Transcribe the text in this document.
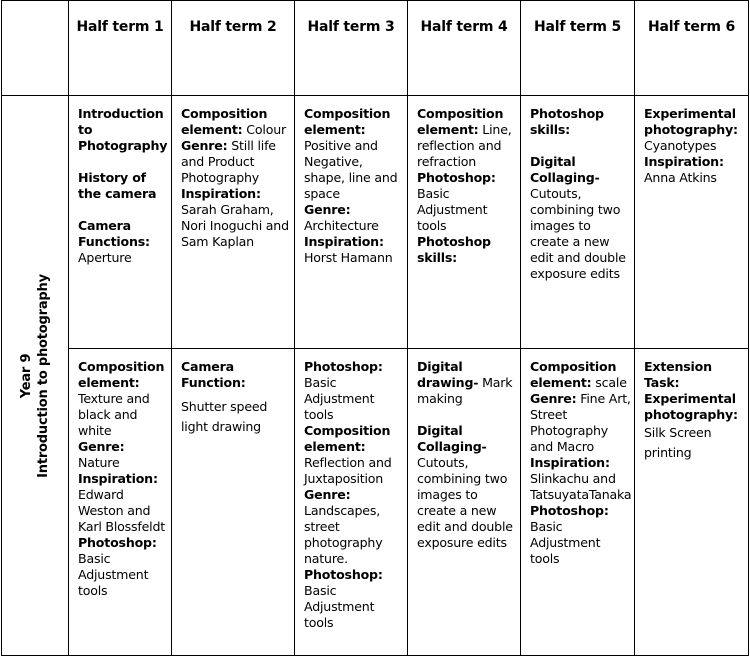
	Half term 1	Half term 2	Half term 3	Half term 4	Half term 5	Half term 6

Year 9 Introduction to photography	Introduction to Photography
History of the camera
Camera Functions:
Aperture	Composition element: Colour
Genre: Still life and Product Photography
Inspiration:
Sarah Graham, Nori Inoguchi and Sam Kaplan	Composition element: Positive and Negative, shape, line and space
Genre: Architecture
Inspiration: Horst Hamann	Composition element: Line, reflection and refraction
Photoshop: Basic Adjustment tools
Photoshop skills:	Photoshop skills:
Digital Collaging- Cutouts, combining two images to create a new edit and double exposure edits	Experimental photography: Cyanotypes
Inspiration: Anna Atkins

	Composition element: Texture and black and white
Genre: Nature
Inspiration: Edward Weston and Karl Blossfeldt
Photoshop: Basic Adjustment tools	Camera Function:
Shutter speed light drawing	Photoshop: Basic Adjustment tools
Composition element: Reflection and Juxtaposition
Genre: Landscapes, street photography nature.
Photoshop: Basic Adjustment tools	Digital drawing- Mark making
Digital Collaging- Cutouts, combining two images to create a new edit and double exposure edits	Composition element: scale
Genre: Fine Art, Street Photography and Macro
Inspiration: Slinkachu and TatsuyataTanaka
Photoshop: Basic Adjustment tools	Extension Task:
Experimental photography:
Silk Screen printing
